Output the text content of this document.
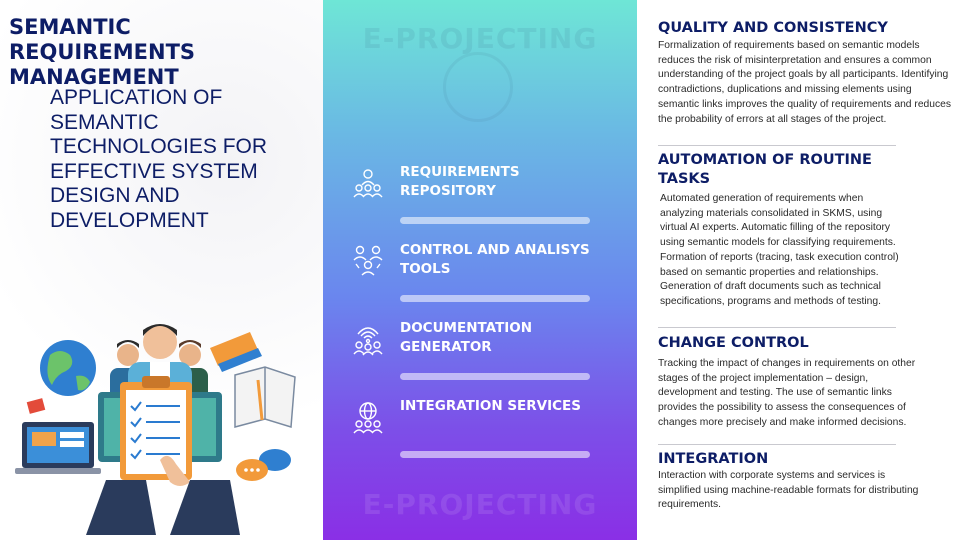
SEMANTIC REQUIREMENTS MANAGEMENT
APPLICATION OF SEMANTIC TECHNOLOGIES FOR EFFECTIVE SYSTEM DESIGN AND DEVELOPMENT
E-PROJECTING
E-PROJECTING
REQUIREMENTS REPOSITORY
CONTROL AND ANALISYS TOOLS
DOCUMENTATION GENERATOR
INTEGRATION SERVICES
QUALITY AND CONSISTENCY
Formalization of requirements based on semantic models reduces the risk of misinterpretation and ensures a common understanding of the project goals by all participants. Identifying contradictions, duplications and missing elements using semantic links improves the quality of requirements and reduces the probability of errors at all stages of the project.
AUTOMATION OF ROUTINE TASKS
Automated generation of requirements when analyzing materials consolidated in SKMS, using virtual AI experts. Automatic filling of the repository using semantic models for classifying requirements. Formation of reports (tracing, task execution control) based on semantic properties and relationships. Generation of draft documents such as technical specifications, programs and methods of testing.
CHANGE CONTROL
Tracking the impact of changes in requirements on other stages of the project implementation – design, development and testing. The use of semantic links provides the possibility to assess the consequences of changes more precisely and make informed decisions.
INTEGRATION
Interaction with corporate systems and services is simplified using machine-readable formats for distributing requirements.
